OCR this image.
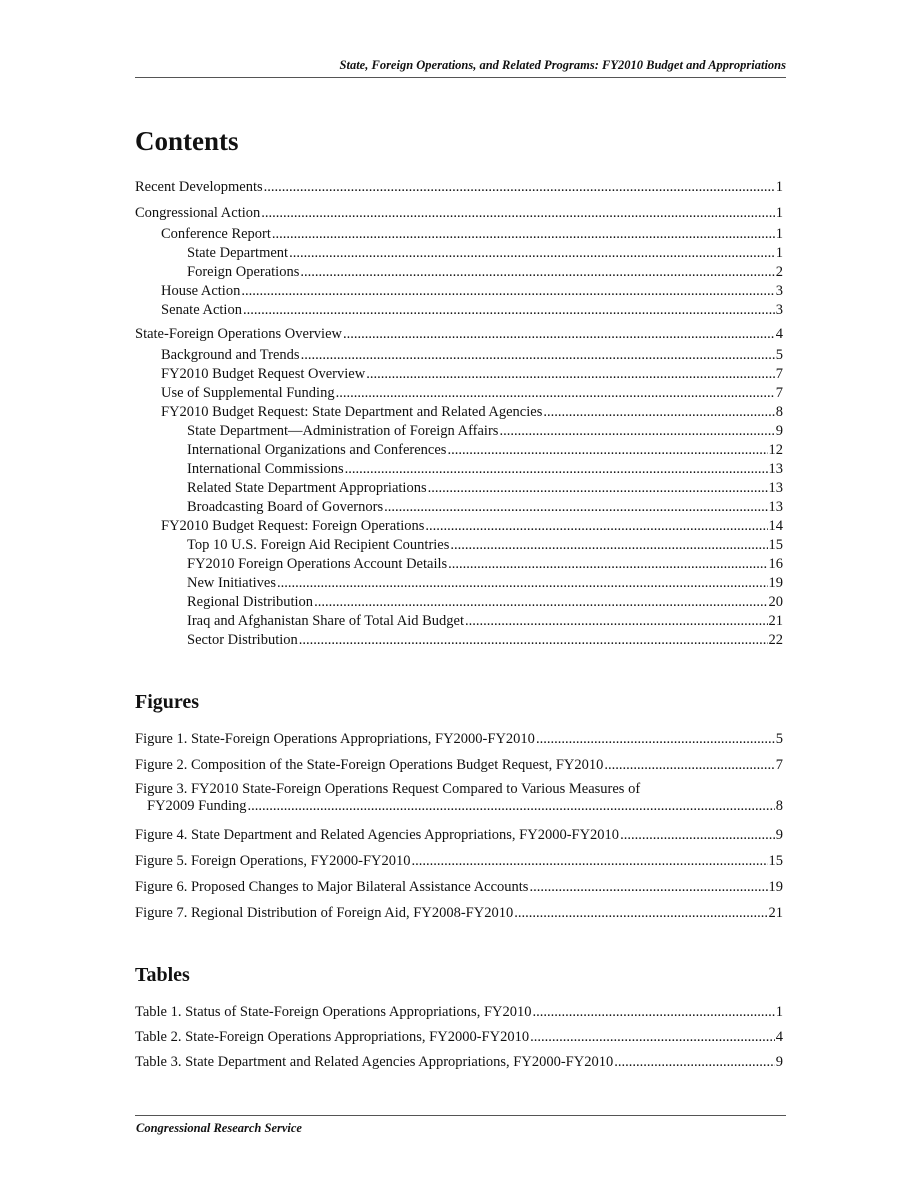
State, Foreign Operations, and Related Programs: FY2010 Budget and Appropriations
Contents
Recent Developments .....	1
Congressional Action .....	1
Conference Report .....	1
State Department .....	1
Foreign Operations .....	2
House Action .....	3
Senate Action .....	3
State-Foreign Operations Overview .....	4
Background and Trends .....	5
FY2010 Budget Request Overview .....	7
Use of Supplemental Funding .....	7
FY2010 Budget Request: State Department and Related Agencies .....	8
State Department—Administration of Foreign Affairs .....	9
International Organizations and Conferences .....	12
International Commissions .....	13
Related State Department Appropriations .....	13
Broadcasting Board of Governors .....	13
FY2010 Budget Request: Foreign Operations .....	14
Top 10 U.S. Foreign Aid Recipient Countries .....	15
FY2010 Foreign Operations Account Details .....	16
New Initiatives .....	19
Regional Distribution .....	20
Iraq and Afghanistan Share of Total Aid Budget .....	21
Sector Distribution .....	22
Figures
Figure 1. State-Foreign Operations Appropriations, FY2000-FY2010 .....	5
Figure 2. Composition of the State-Foreign Operations Budget Request, FY2010 .....	7
Figure 3. FY2010 State-Foreign Operations Request Compared to Various Measures of
FY2009 Funding .....	8
Figure 4. State Department and Related Agencies Appropriations, FY2000-FY2010 .....	9
Figure 5. Foreign Operations, FY2000-FY2010 .....	15
Figure 6. Proposed Changes to Major Bilateral Assistance Accounts .....	19
Figure 7. Regional Distribution of Foreign Aid, FY2008-FY2010 .....	21
Tables
Table 1. Status of State-Foreign Operations Appropriations, FY2010 .....	1
Table 2. State-Foreign Operations Appropriations, FY2000-FY2010 .....	4
Table 3. State Department and Related Agencies Appropriations, FY2000-FY2010 .....	9
Congressional Research Service
